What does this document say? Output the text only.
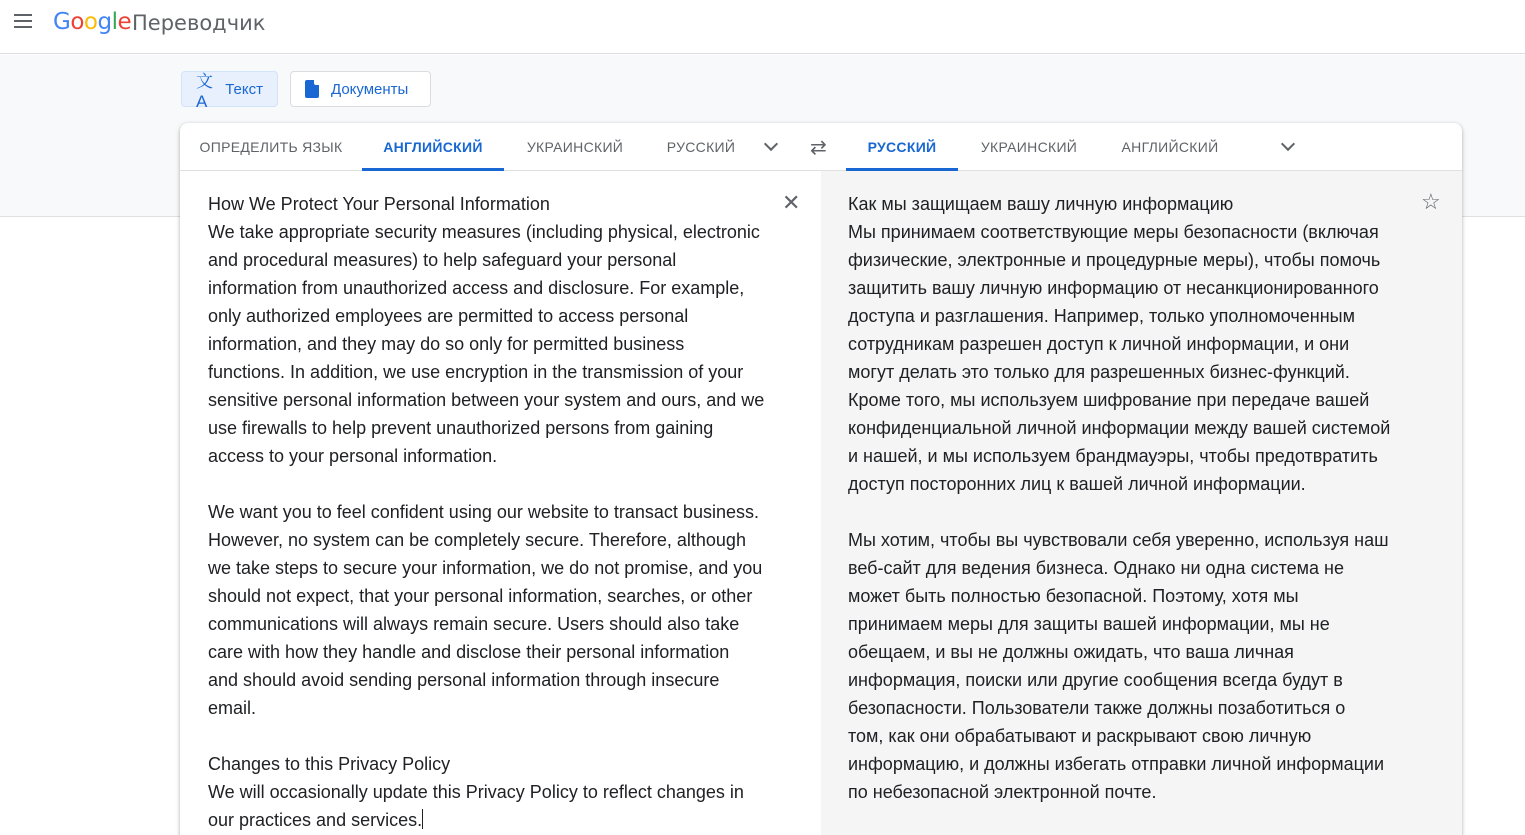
Google Переводчик
文A
Текст	Документы
ОПРЕДЕЛИТЬ ЯЗЫК	АНГЛИЙСКИЙ	УКРАИНСКИЙ	РУССКИЙ	⇄	РУССКИЙ	УКРАИНСКИЙ	АНГЛИЙСКИЙ
How We Protect Your Personal Information
We take appropriate security measures (including physical, electronic
and procedural measures) to help safeguard your personal
information from unauthorized access and disclosure. For example,
only authorized employees are permitted to access personal
information, and they may do so only for permitted business
functions. In addition, we use encryption in the transmission of your
sensitive personal information between your system and ours, and we
use firewalls to help prevent unauthorized persons from gaining
access to your personal information.

We want you to feel confident using our website to transact business.
However, no system can be completely secure. Therefore, although
we take steps to secure your information, we do not promise, and you
should not expect, that your personal information, searches, or other
communications will always remain secure. Users should also take
care with how they handle and disclose their personal information
and should avoid sending personal information through insecure
email.

Changes to this Privacy Policy
We will occasionally update this Privacy Policy to reflect changes in
our practices and services.
✕	Как мы защищаем вашу личную информацию
Мы принимаем соответствующие меры безопасности (включая
физические, электронные и процедурные меры), чтобы помочь
защитить вашу личную информацию от несанкционированного
доступа и разглашения. Например, только уполномоченным
сотрудникам разрешен доступ к личной информации, и они
могут делать это только для разрешенных бизнес-функций.
Кроме того, мы используем шифрование при передаче вашей
конфиденциальной личной информации между вашей системой
и нашей, и мы используем брандмауэры, чтобы предотвратить
доступ посторонних лиц к вашей личной информации.

Мы хотим, чтобы вы чувствовали себя уверенно, используя наш
веб-сайт для ведения бизнеса. Однако ни одна система не
может быть полностью безопасной. Поэтому, хотя мы
принимаем меры для защиты вашей информации, мы не
обещаем, и вы не должны ожидать, что ваша личная
информация, поиски или другие сообщения всегда будут в
безопасности. Пользователи также должны позаботиться о
том, как они обрабатывают и раскрывают свою личную
информацию, и должны избегать отправки личной информации
по небезопасной электронной почте.
☆
